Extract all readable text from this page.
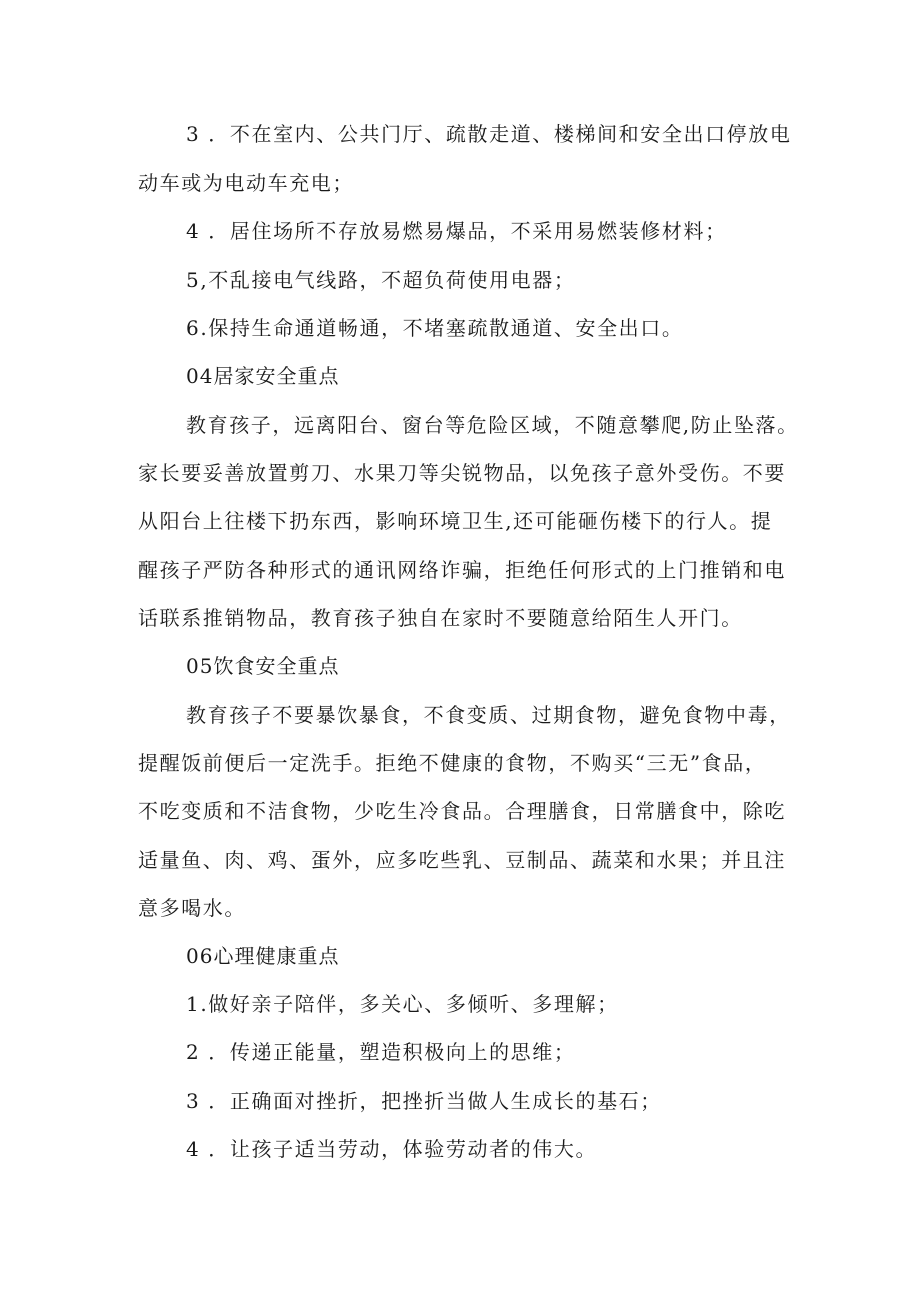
3 ．不在室内、公共门厅、疏散走道、楼梯间和安全出口停放电
动车或为电动车充电；
4 ．居住场所不存放易燃易爆品，不采用易燃装修材料；
5,不乱接电气线路，不超负荷使用电器；
6.保持生命通道畅通，不堵塞疏散通道、安全出口。
04居家安全重点
教育孩子，远离阳台、窗台等危险区域，不随意攀爬,防止坠落。
家长要妥善放置剪刀、水果刀等尖锐物品，以免孩子意外受伤。不要
从阳台上往楼下扔东西，影响环境卫生,还可能砸伤楼下的行人。提
醒孩子严防各种形式的通讯网络诈骗，拒绝任何形式的上门推销和电
话联系推销物品，教育孩子独自在家时不要随意给陌生人开门。
05饮食安全重点
教育孩子不要暴饮暴食，不食变质、过期食物，避免食物中毒，
提醒饭前便后一定洗手。拒绝不健康的食物，不购买“三无”食品，
不吃变质和不洁食物，少吃生冷食品。合理膳食，日常膳食中，除吃
适量鱼、肉、鸡、蛋外，应多吃些乳、豆制品、蔬菜和水果；并且注
意多喝水。
06心理健康重点
1.做好亲子陪伴，多关心、多倾听、多理解；
2 ．传递正能量，塑造积极向上的思维；
3 ．正确面对挫折，把挫折当做人生成长的基石；
4 ．让孩子适当劳动，体验劳动者的伟大。
